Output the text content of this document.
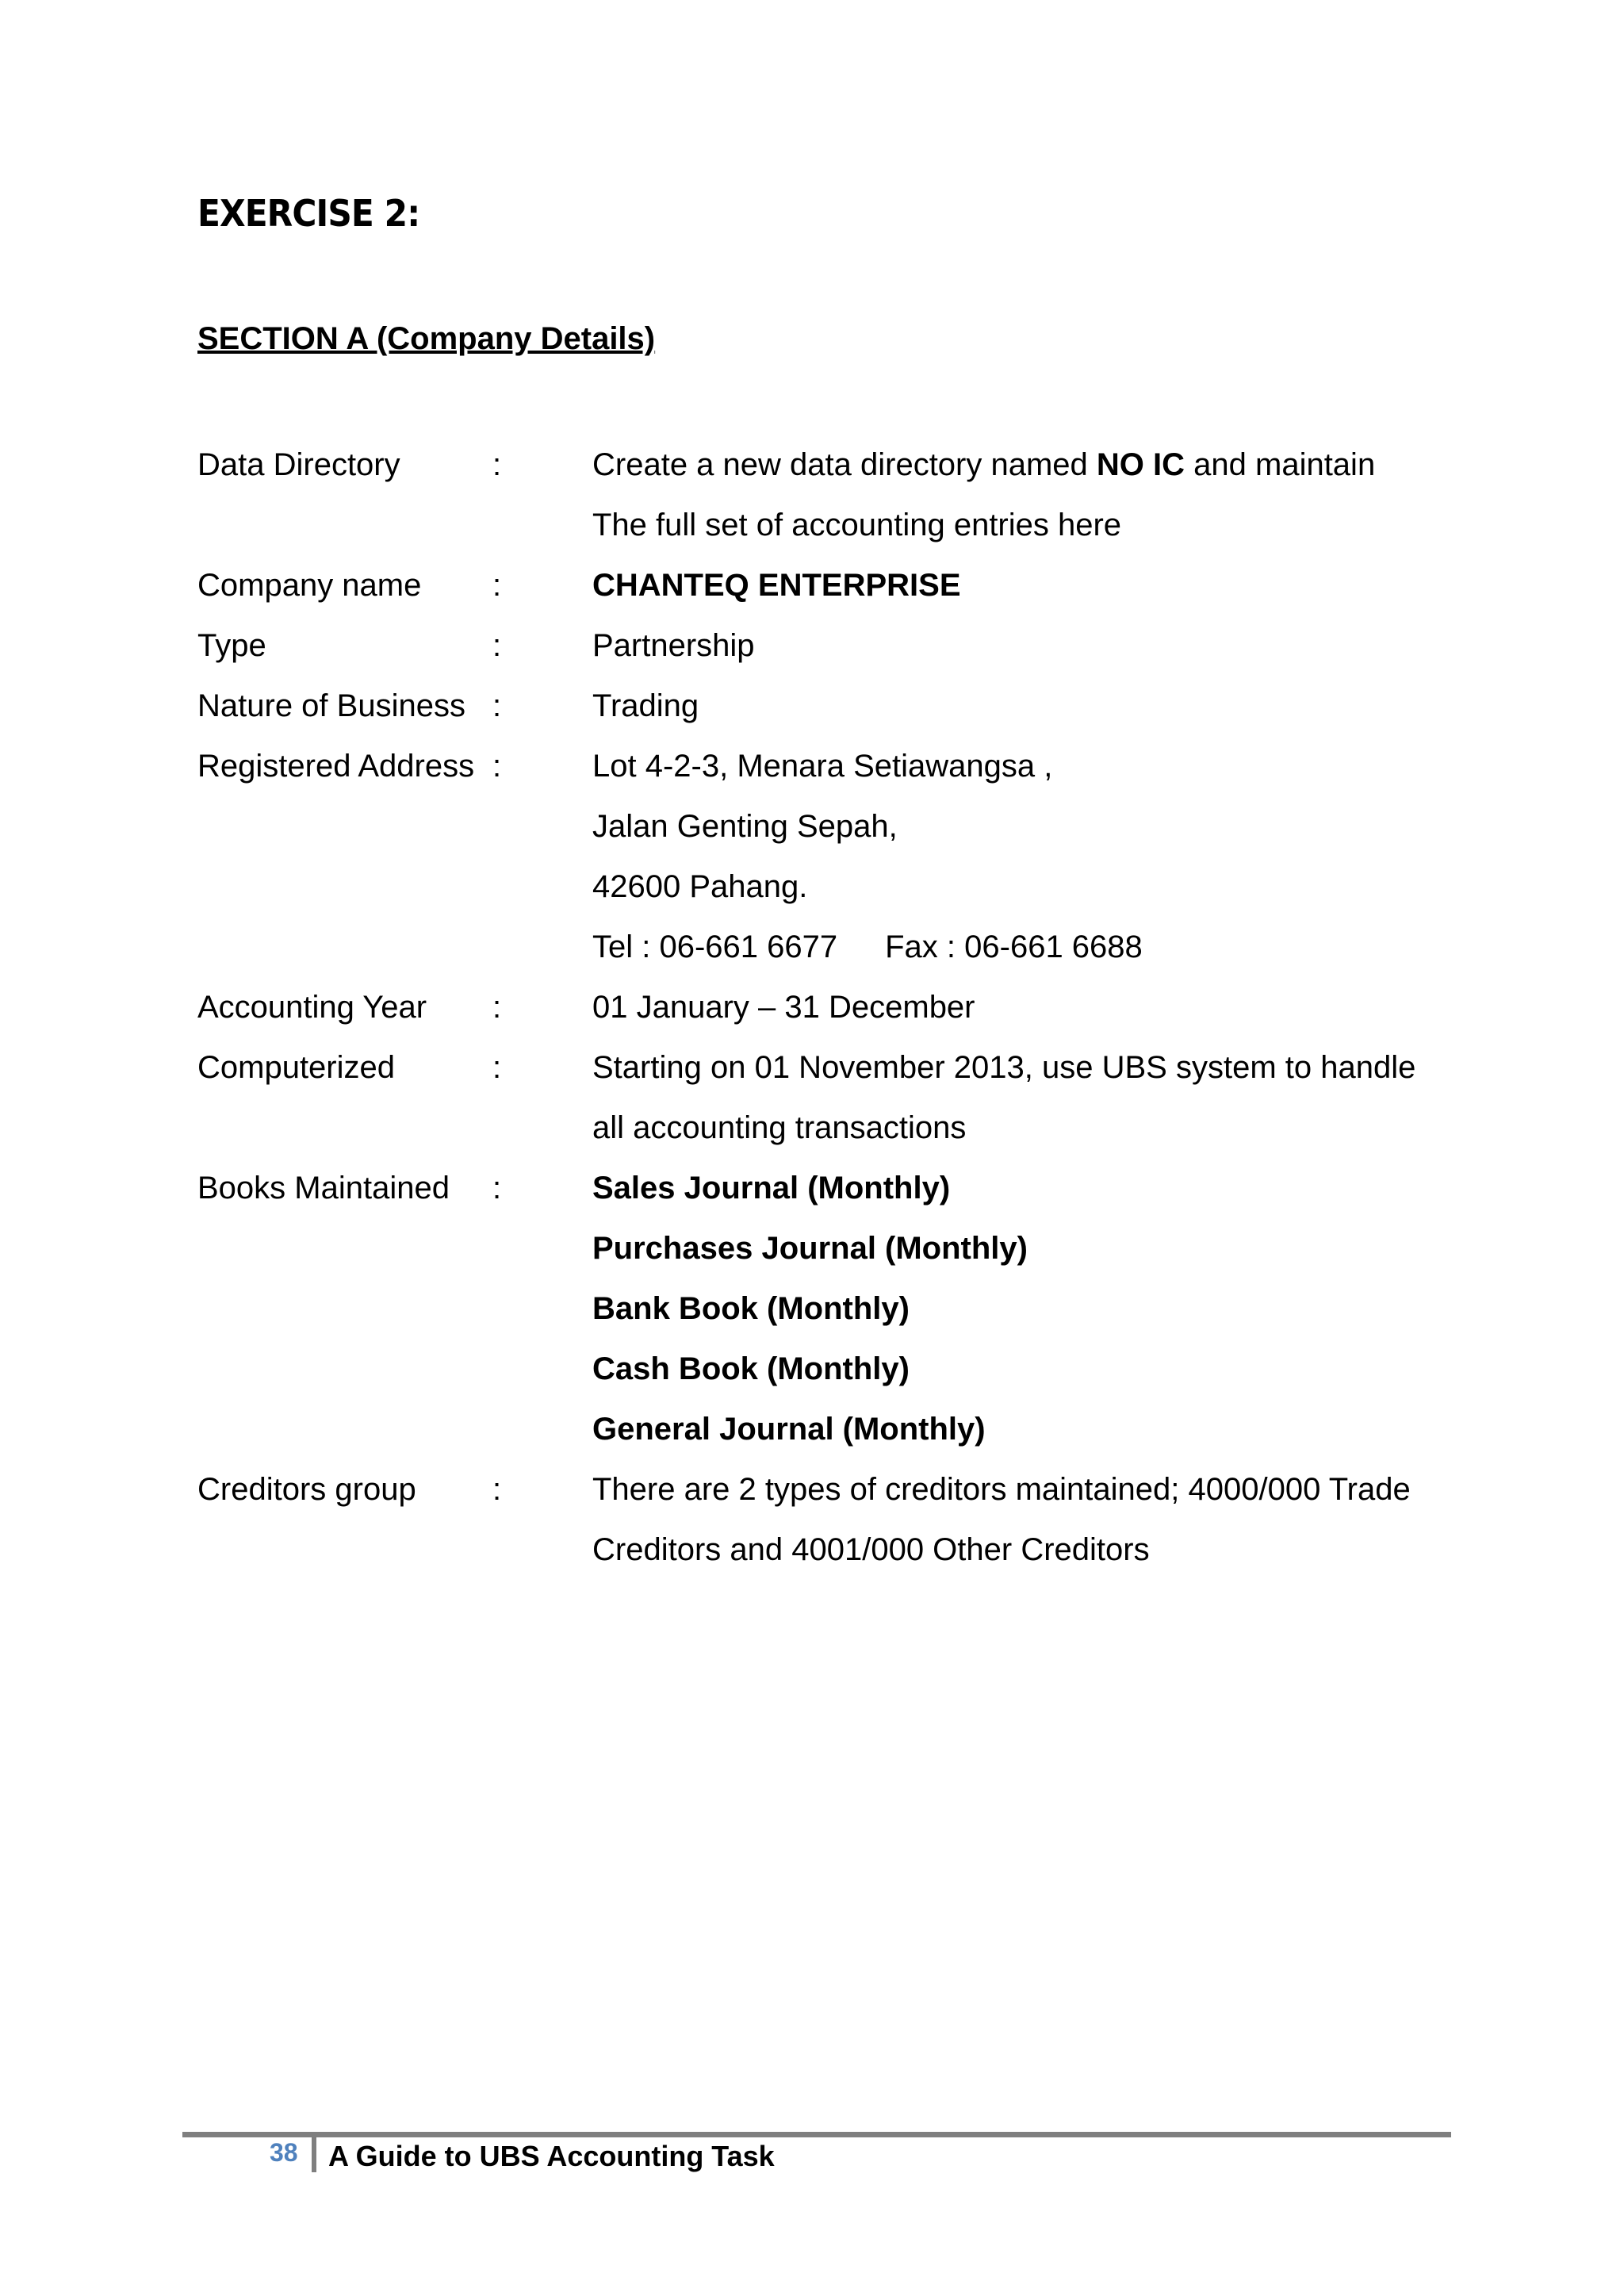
EXERCISE 2:
SECTION A (Company Details)
Data Directory	:	Create a new data directory named NO IC and maintain
The full set of accounting entries here
Company name :	CHANTEQ ENTERPRISE
Type	:	Partnership
Nature of Business :	Trading
Registered Address :	Lot 4-2-3, Menara Setiawangsa ,
Jalan Genting Sepah,
42600 Pahang.
Tel : 06-661 6677 Fax : 06-661 6688
Accounting Year :	01 January – 31 December
Computerized	:	Starting on 01 November 2013, use UBS system to handle
all accounting transactions
Books Maintained :	Sales Journal (Monthly)
Purchases Journal (Monthly)
Bank Book (Monthly)
Cash Book (Monthly)
General Journal (Monthly)
Creditors group :	There are 2 types of creditors maintained; 4000/000 Trade
Creditors and 4001/000 Other Creditors
38 A Guide to UBS Accounting Task
